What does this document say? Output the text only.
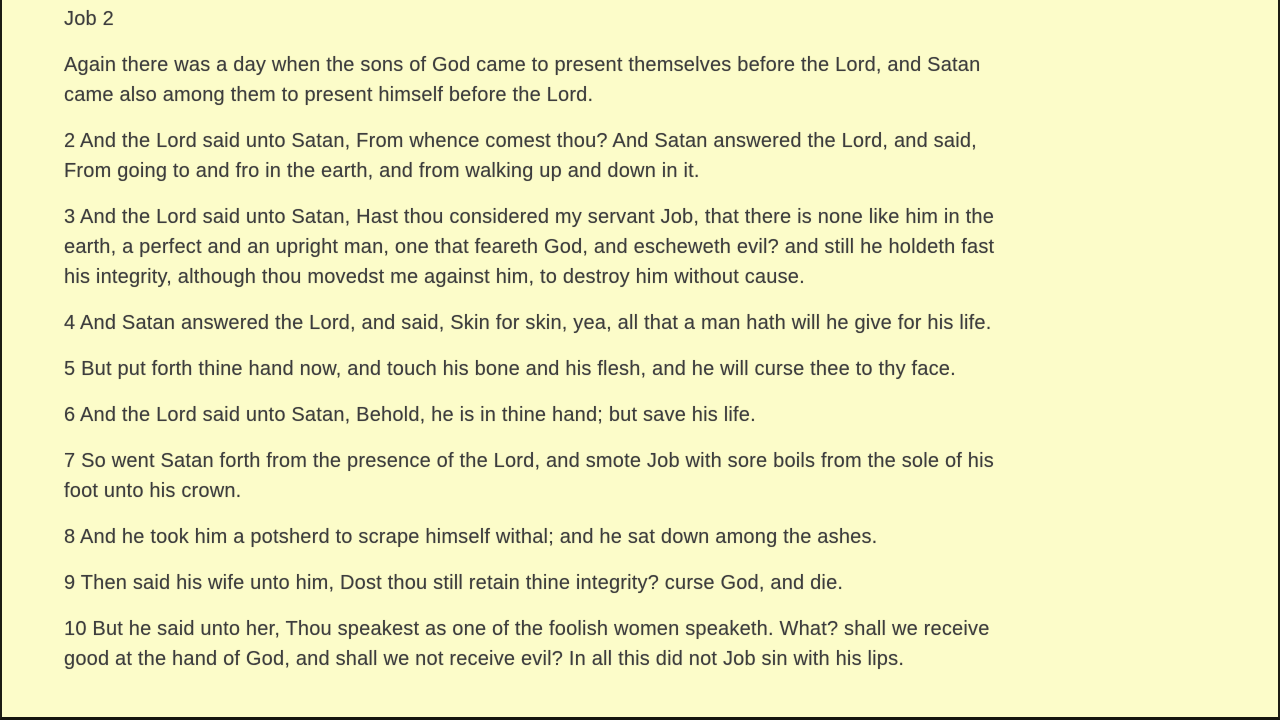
Job 2

Again there was a day when the sons of God came to present themselves before the Lord, and Satan
came also among them to present himself before the Lord.

2 And the Lord said unto Satan, From whence comest thou? And Satan answered the Lord, and said,
From going to and fro in the earth, and from walking up and down in it.

3 And the Lord said unto Satan, Hast thou considered my servant Job, that there is none like him in the
earth, a perfect and an upright man, one that feareth God, and escheweth evil? and still he holdeth fast
his integrity, although thou movedst me against him, to destroy him without cause.

4 And Satan answered the Lord, and said, Skin for skin, yea, all that a man hath will he give for his life.

5 But put forth thine hand now, and touch his bone and his flesh, and he will curse thee to thy face.

6 And the Lord said unto Satan, Behold, he is in thine hand; but save his life.

7 So went Satan forth from the presence of the Lord, and smote Job with sore boils from the sole of his
foot unto his crown.

8 And he took him a potsherd to scrape himself withal; and he sat down among the ashes.

9 Then said his wife unto him, Dost thou still retain thine integrity? curse God, and die.

10 But he said unto her, Thou speakest as one of the foolish women speaketh. What? shall we receive
good at the hand of God, and shall we not receive evil? In all this did not Job sin with his lips.
